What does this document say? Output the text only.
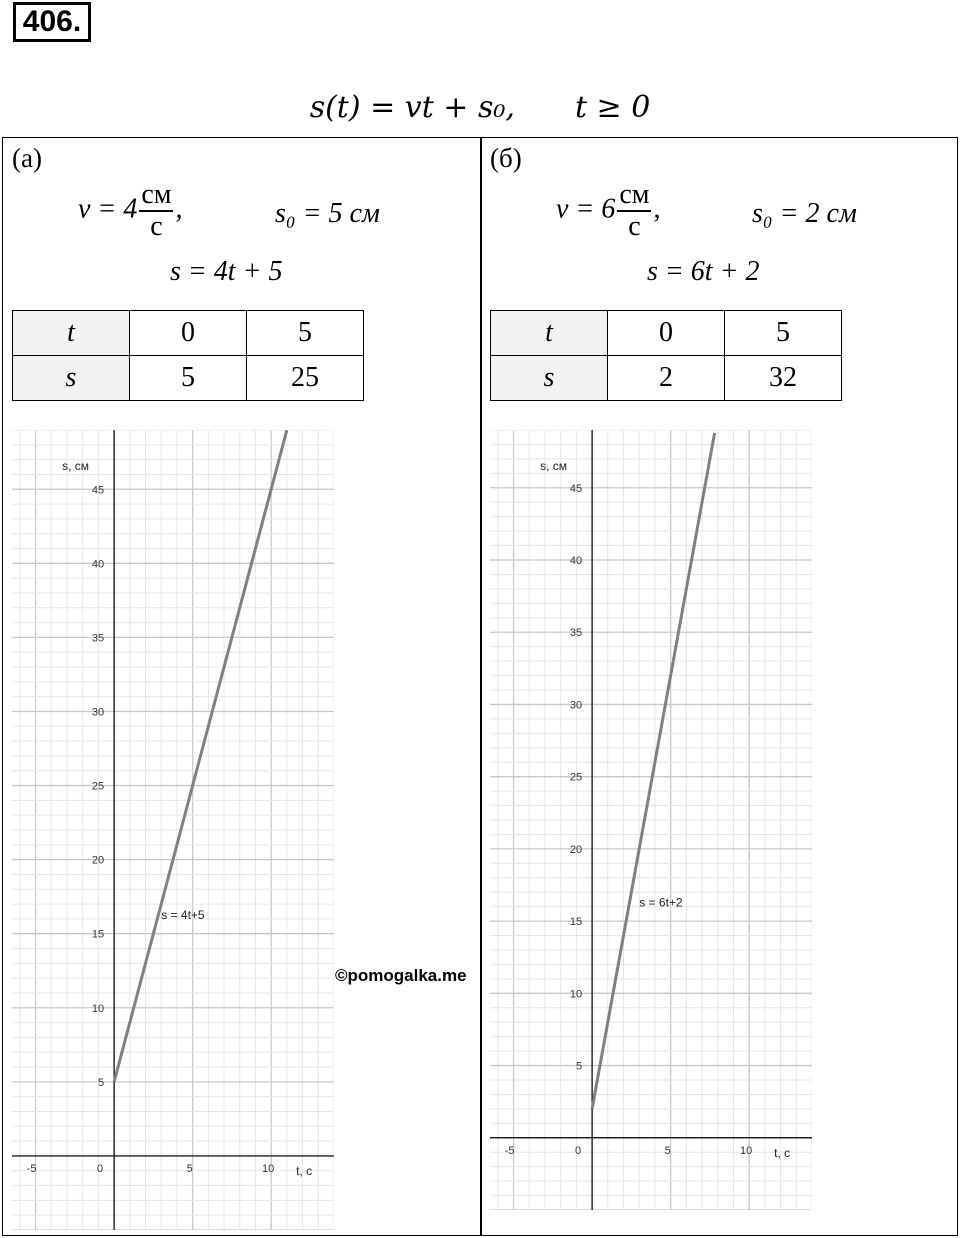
406.
s(t) = vt + s₀, t ≥ 0
(а)
$v = 4 \frac{см}{с}$ ,	s₀ = 5 см
s = 4t + 5
t	0	5
s	5	25
-5	0	5	10
5
10
15
20
25
30
35
40
45
s, см
t, с
s = 4t+5
(б)
$v = 6 \frac{см}{с}$ ,	s₀ = 2 см
s = 6t + 2
t	0	5
s	2	32
-5	0	5	10
5
10
15
20
25
30
35
40
45
s, см
t, с
s = 6t+2
©pomogalka.me
